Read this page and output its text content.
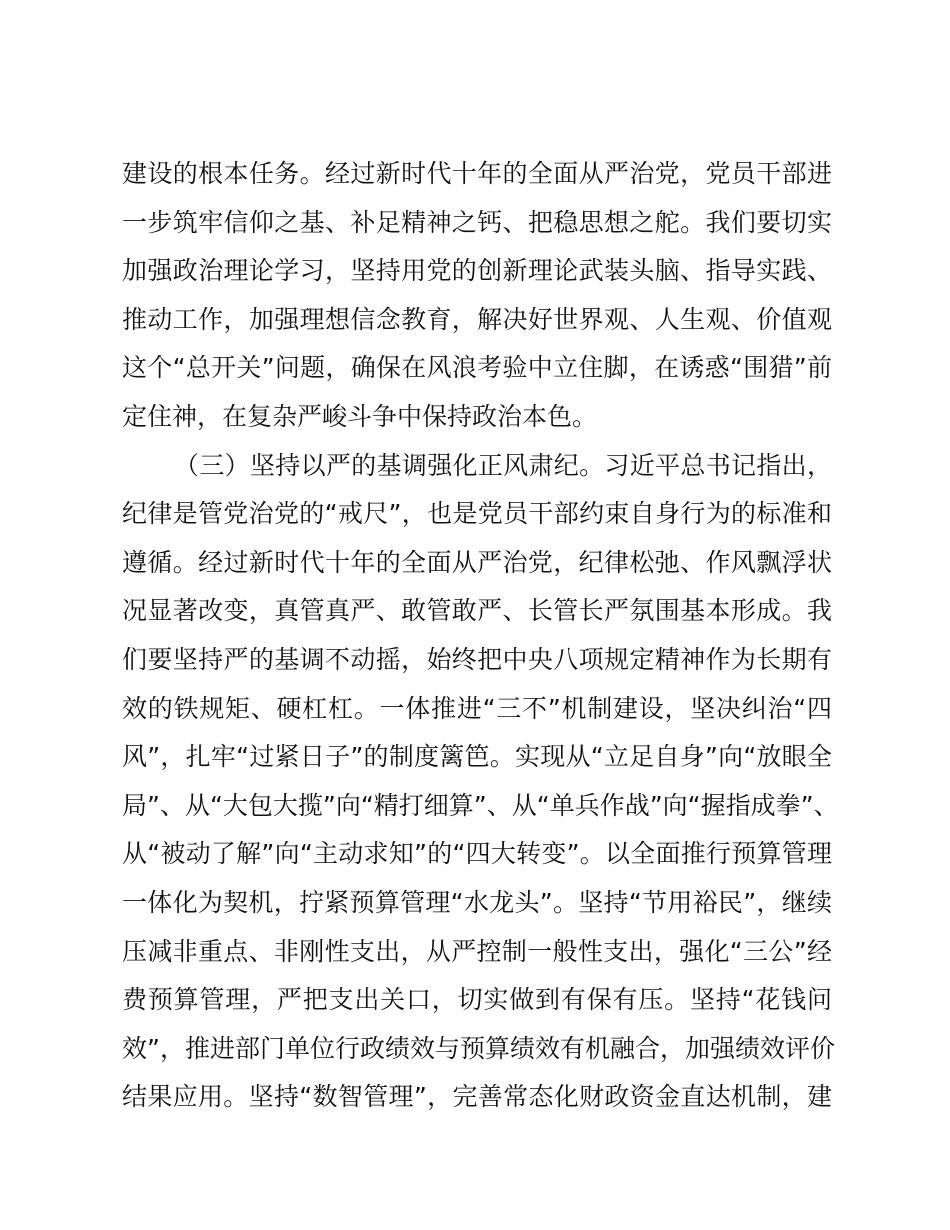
建设的根本任务。经过新时代十年的全面从严治党，党员干部进
一步筑牢信仰之基、补足精神之钙、把稳思想之舵。我们要切实
加强政治理论学习，坚持用党的创新理论武装头脑、指导实践、
推动工作，加强理想信念教育，解决好世界观、人生观、价值观
这个“总开关”问题，确保在风浪考验中立住脚，在诱惑“围猎”前
定住神，在复杂严峻斗争中保持政治本色。
（三）坚持以严的基调强化正风肃纪。习近平总书记指出，
纪律是管党治党的“戒尺”，也是党员干部约束自身行为的标准和
遵循。经过新时代十年的全面从严治党，纪律松弛、作风飘浮状
况显著改变，真管真严、敢管敢严、长管长严氛围基本形成。我
们要坚持严的基调不动摇，始终把中央八项规定精神作为长期有
效的铁规矩、硬杠杠。一体推进“三不”机制建设，坚决纠治“四
风”，扎牢“过紧日子”的制度篱笆。实现从“立足自身”向“放眼全
局”、从“大包大揽”向“精打细算”、从“单兵作战”向“握指成拳”、
从“被动了解”向“主动求知”的“四大转变”。以全面推行预算管理
一体化为契机，拧紧预算管理“水龙头”。坚持“节用裕民”，继续
压减非重点、非刚性支出，从严控制一般性支出，强化“三公”经
费预算管理，严把支出关口，切实做到有保有压。坚持“花钱问
效”，推进部门单位行政绩效与预算绩效有机融合，加强绩效评价
结果应用。坚持“数智管理”，完善常态化财政资金直达机制，建
